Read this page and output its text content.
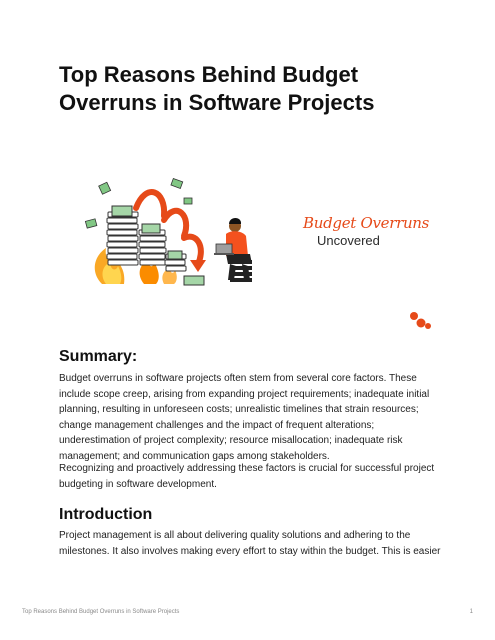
Top Reasons Behind Budget Overruns in Software Projects
Budget Overruns
Uncovered
Summary:

Budget overruns in software projects often stem from several core factors. These include scope creep, arising from expanding project requirements; inadequate initial planning, resulting in unforeseen costs; unrealistic timelines that strain resources; change management challenges and the impact of frequent alterations; underestimation of project complexity; resource misallocation; inadequate risk management; and communication gaps among stakeholders.

Recognizing and proactively addressing these factors is crucial for successful project budgeting in software development.

Introduction

Project management is all about delivering quality solutions and adhering to the milestones. It also involves making every effort to stay within the budget. This is easier

Top Reasons Behind Budget Overruns in Software Projects	1
